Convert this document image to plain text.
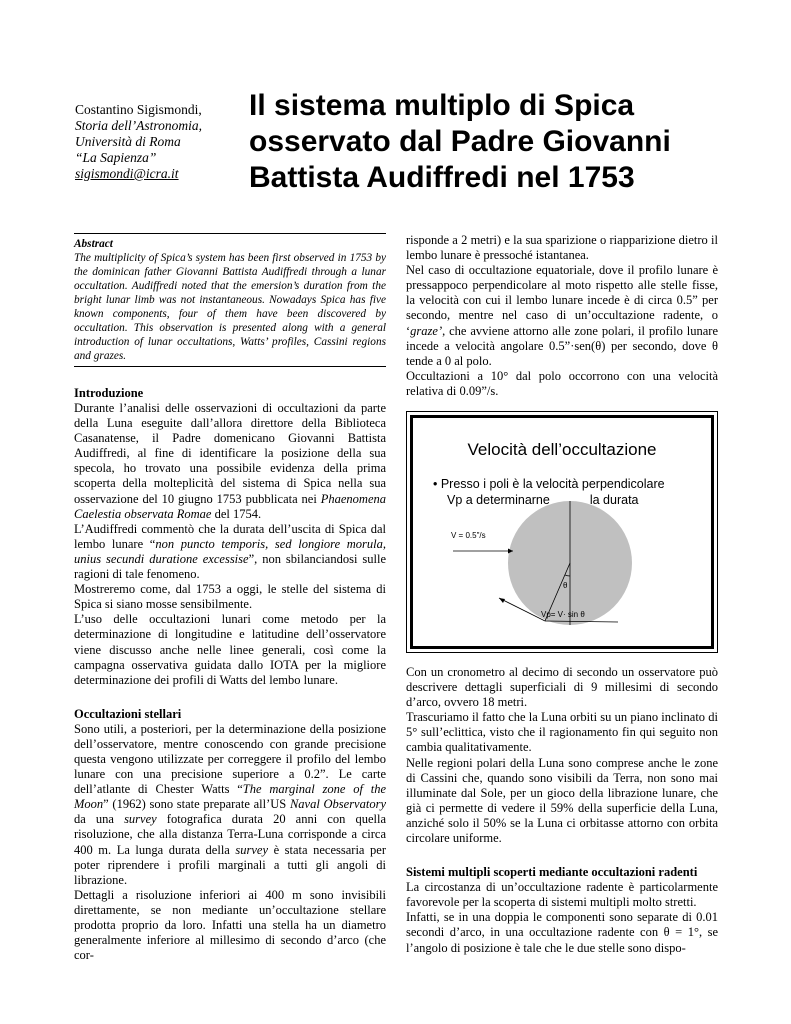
Costantino Sigismondi,
Storia dell’Astronomia,
Università di Roma
“La Sapienza”
sigismondi@icra.it
Il sistema multiplo di Spica osservato dal Padre Giovanni Battista Audiffredi nel 1753
Abstract
The multiplicity of Spica’s system has been first observed in 1753 by the dominican father Giovanni Battista Audiffredi through a lunar occultation. Audiffredi noted that the emersion’s duration from the bright lunar limb was not instantaneous. Nowadays Spica has five known components, four of them have been discovered by occultation. This observation is presented along with a general introduction of lunar occultations, Watts’ profiles, Cassini regions and grazes.
Introduzione

Durante l’analisi delle osservazioni di occultazioni da parte della Luna eseguite dall’allora direttore della Biblioteca Casanatense, il Padre domenicano Giovanni Battista Audiffredi, al fine di identificare la posizione della sua specola, ho trovato una possibile evidenza della prima scoperta della molteplicità del sistema di Spica nella sua osservazione del 10 giugno 1753 pubblicata nei Phaenomena Caelestia observata Romae del 1754.

L’Audiffredi commentò che la durata dell’uscita di Spica dal lembo lunare “non puncto temporis, sed longiore morula, unius secundi duratione excessise”, non sbilanciandosi sulle ragioni di tale fenomeno.

Mostreremo come, dal 1753 a oggi, le stelle del sistema di Spica si siano mosse sensibilmente.

L’uso delle occultazioni lunari come metodo per la determinazione di longitudine e latitudine dell’osservatore viene discusso anche nelle linee generali, così come la campagna osservativa guidata dallo IOTA per la migliore determinazione dei profili di Watts del lembo lunare.

Occultazioni stellari

Sono utili, a posteriori, per la determinazione della posizione dell’osservatore, mentre conoscendo con grande precisione questa vengono utilizzate per correggere il profilo del lembo lunare con una precisione superiore a 0.2”. Le carte dell’atlante di Chester Watts “The marginal zone of the Moon” (1962) sono state preparate all’US Naval Observatory da una survey fotografica durata 20 anni con quella risoluzione, che alla distanza Terra-Luna corrisponde a circa 400 m. La lunga durata della survey è stata necessaria per poter riprendere i profili marginali a tutti gli angoli di librazione.

Dettagli a risoluzione inferiori ai 400 m sono invisibili direttamente, se non mediante un’occultazione stellare prodotta proprio da loro. Infatti una stella ha un diametro generalmente inferiore al millesimo di secondo d’arco (che cor-

risponde a 2 metri) e la sua sparizione o riapparizione dietro il lembo lunare è pressoché istantanea.

Nel caso di occultazione equatoriale, dove il profilo lunare è pressappoco perpendicolare al moto rispetto alle stelle fisse, la velocità con cui il lembo lunare incede è di circa 0.5” per secondo, mentre nel caso di un’occultazione radente, o ‘graze’, che avviene attorno alle zone polari, il profilo lunare incede a velocità angolare 0.5”·sen(θ) per secondo, dove θ tende a 0 al polo.

Occultazioni a 10° dal polo occorrono con una velocità relativa di 0.09”/s.

V = 0.5"/s
θ
Vp= V· sin θ
Velocità dell’occultazione
• Presso i poli è la velocità perpendicolare
Vp a determinarne	la durata

Con un cronometro al decimo di secondo un osservatore può descrivere dettagli superficiali di 9 millesimi di secondo d’arco, ovvero 18 metri.

Trascuriamo il fatto che la Luna orbiti su un piano inclinato di 5° sull’eclittica, visto che il ragionamento fin qui seguito non cambia qualitativamente.

Nelle regioni polari della Luna sono comprese anche le zone di Cassini che, quando sono visibili da Terra, non sono mai illuminate dal Sole, per un gioco della librazione lunare, che già ci permette di vedere il 59% della superficie della Luna, anziché solo il 50% se la Luna ci orbitasse attorno con orbita circolare uniforme.

Sistemi multipli scoperti mediante occultazioni radenti

La circostanza di un’occultazione radente è particolarmente favorevole per la scoperta di sistemi multipli molto stretti.

Infatti, se in una doppia le componenti sono separate di 0.01 secondi d’arco, in una occultazione radente con θ = 1°, se l’angolo di posizione è tale che le due stelle sono dispo-
